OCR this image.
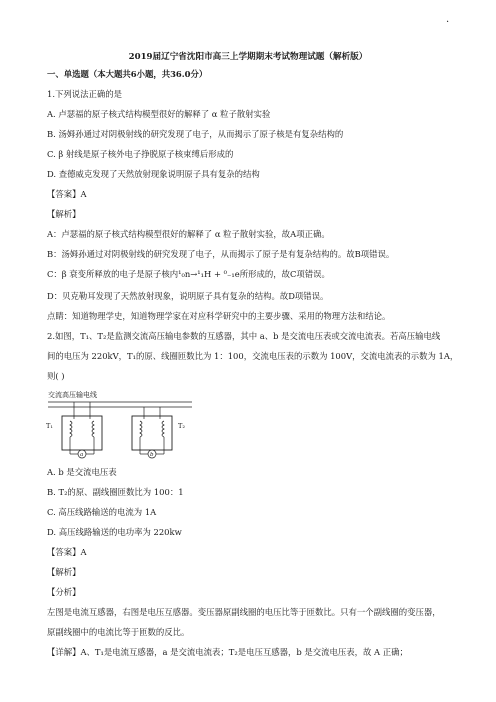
.
2019届辽宁省沈阳市高三上学期期末考试物理试题（解析版）
一、单选题（本大题共6小题，共36.0分）
1.下列说法正确的是
A. 卢瑟福的原子核式结构模型很好的解释了 α 粒子散射实验
B. 汤姆孙通过对阴极射线的研究发现了电子，从而揭示了原子核是有复杂结构的
C. β 射线是原子核外电子挣脱原子核束缚后形成的
D. 查德威克发现了天然放射现象说明原子具有复杂的结构
【答案】A
【解析】
A：卢瑟福的原子核式结构模型很好的解释了 α 粒子散射实验，故A项正确。
B：汤姆孙通过对阴极射线的研究发现了电子，从而揭示了原子是有复杂结构的。故B项错误。
C：β 衰变所释放的电子是原子核内¹₀n→¹₁H + ⁰₋₁e所形成的，故C项错误。
D：贝克勒耳发现了天然放射现象，说明原子具有复杂的结构。故D项错误。
点睛：知道物理学史，知道物理学家在对应科学研究中的主要步骤、采用的物理方法和结论。
2.如图，T₁、T₂是监测交流高压输电参数的互感器，其中 a、b 是交流电压表或交流电流表。若高压输电线
间的电压为 220kV，T₁的原、线圈匝数比为 1：100，交流电压表的示数为 100V，交流电流表的示数为 1A，
则( )
交流高压输电线
T₁
a
T₂
b
A. b 是交流电压表
B. T₂的原、副线圈匝数比为 100：1
C. 高压线路输送的电流为 1A
D. 高压线路输送的电功率为 220kw
【答案】A
【解析】
【分析】
左图是电流互感器，右图是电压互感器。变压器原副线圈的电压比等于匝数比。只有一个副线圈的变压器，
原副线圈中的电流比等于匝数的反比。
【详解】A、T₁是电流互感器，a 是交流电流表；T₂是电压互感器，b 是交流电压表，故 A 正确；
